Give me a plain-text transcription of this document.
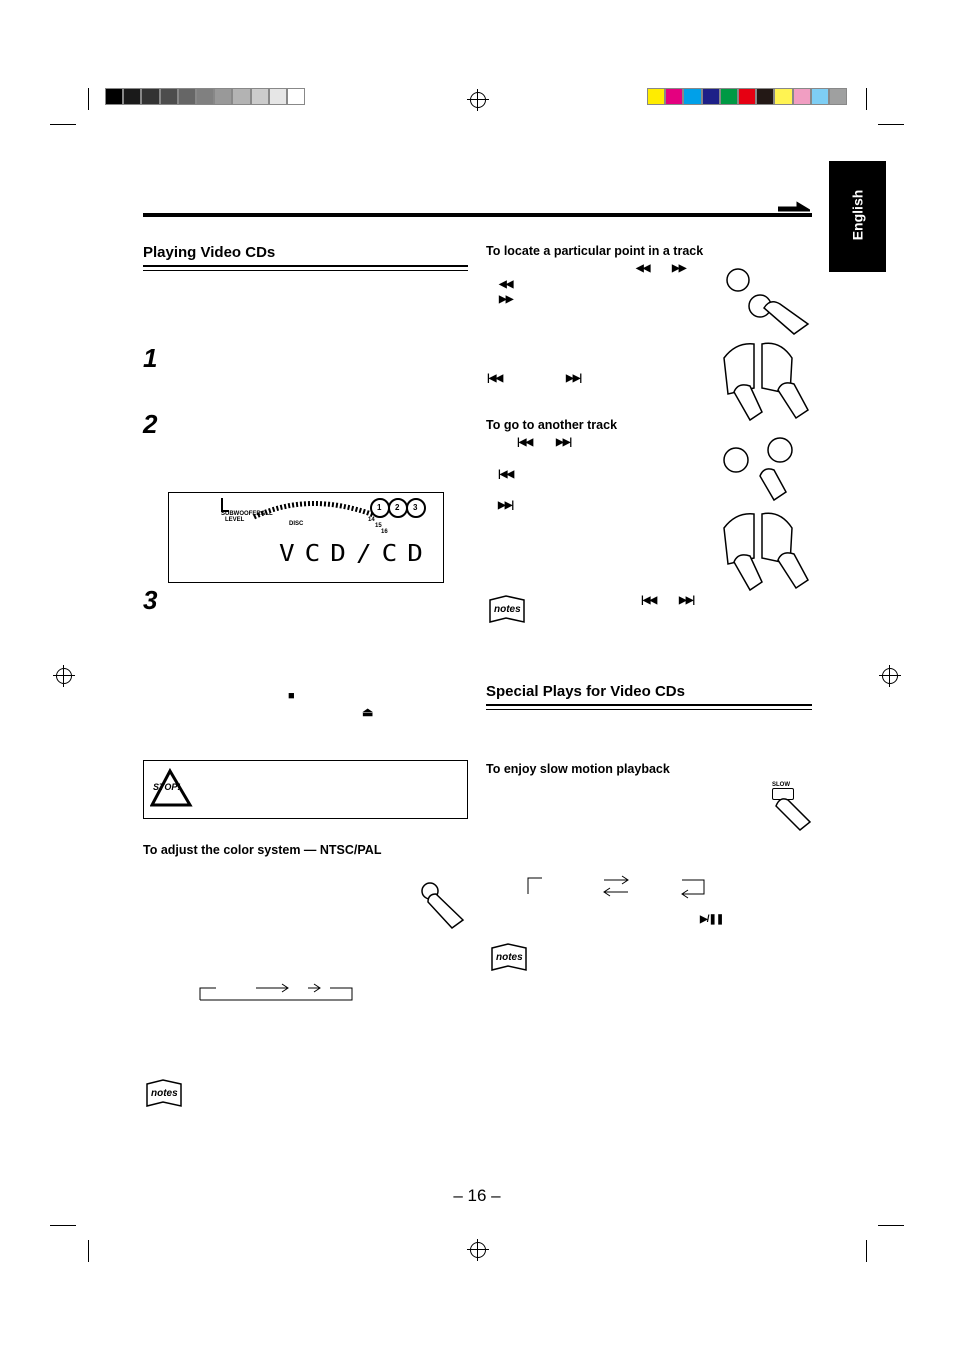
English
Playing Video CDs
1
2
3
SUBWOOFER
LEVEL
ALL
DISC
1 2 3
14
15
16
VCD/CD
■
⏏
STOP!
To adjust the color system — NTSC/PAL
notes
To locate a particular point in a track
◀◀ ▶▶
◀◀
▶▶
|◀◀	▶▶|
To go to another track
|◀◀ ▶▶|
|◀◀
▶▶|
notes
|◀◀ ▶▶|
Special Plays for Video CDs
To enjoy slow motion playback
SLOW
▶/❚❚
notes
– 16 –
